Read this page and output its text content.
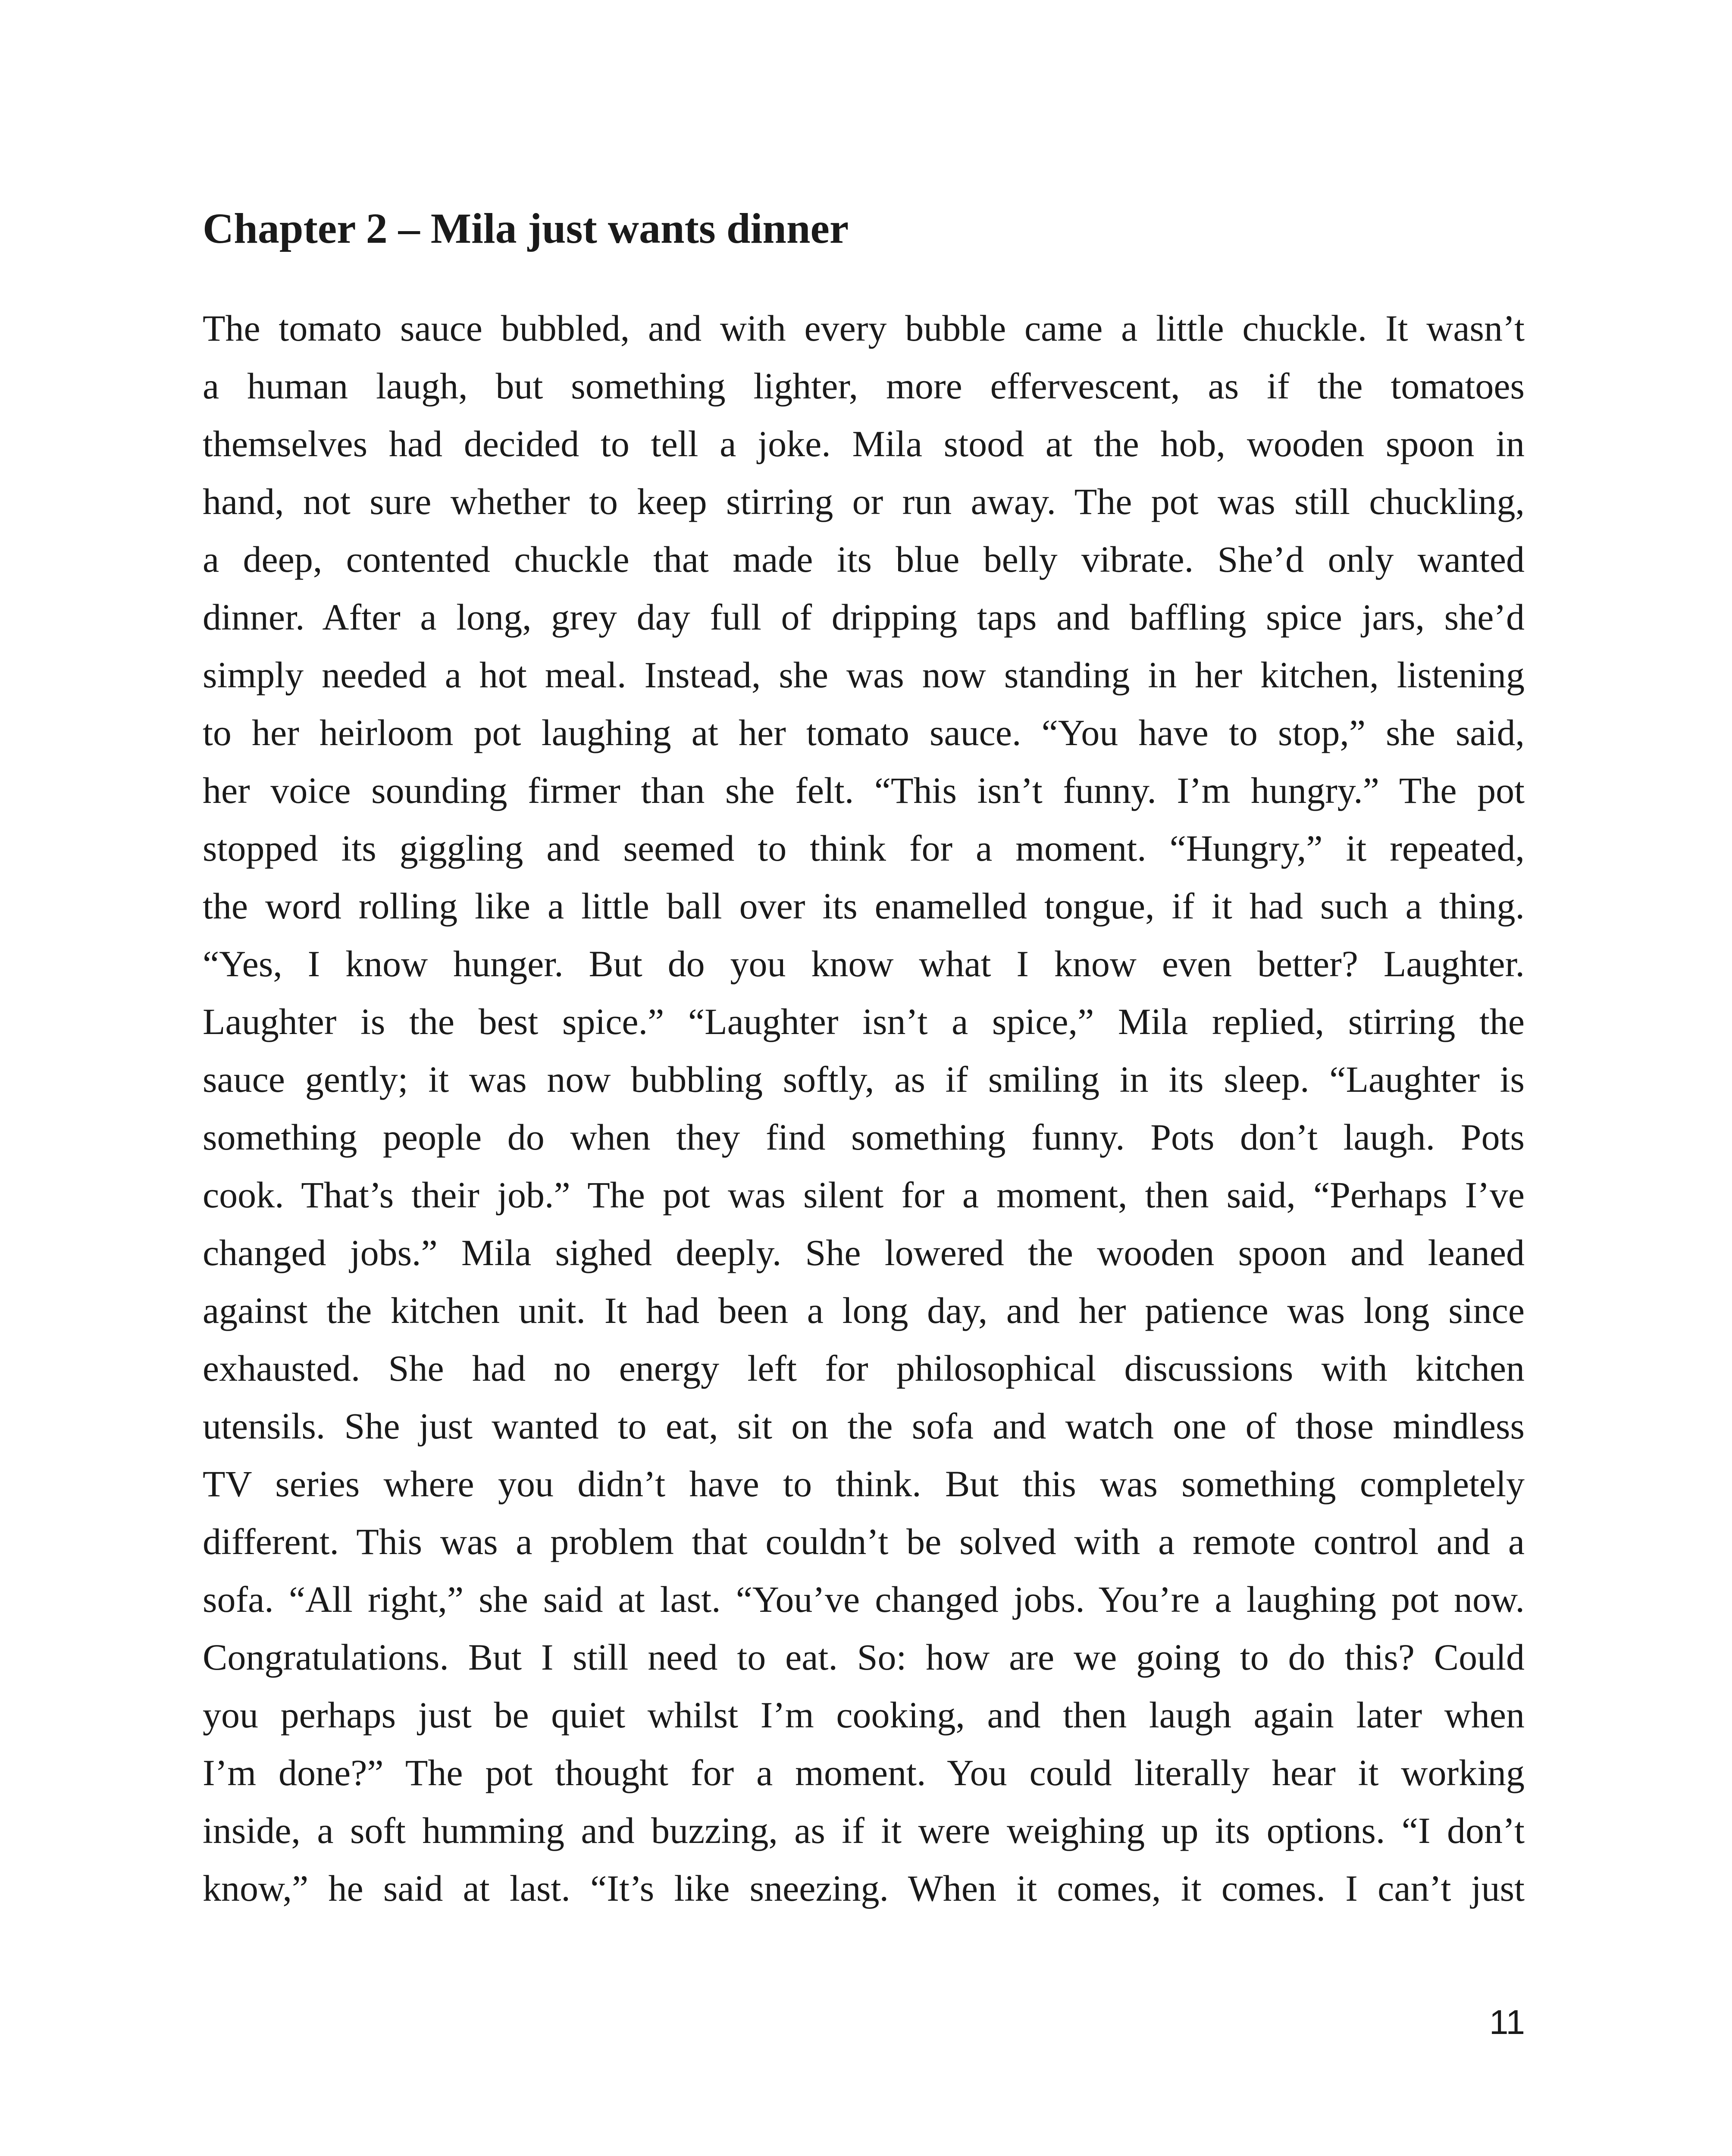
Chapter 2 – Mila just wants dinner
The tomato sauce bubbled, and with every bubble came a little chuckle. It wasn’t
a human laugh, but something lighter, more effervescent, as if the tomatoes
themselves had decided to tell a joke. Mila stood at the hob, wooden spoon in
hand, not sure whether to keep stirring or run away. The pot was still chuckling,
a deep, contented chuckle that made its blue belly vibrate. She’d only wanted
dinner. After a long, grey day full of dripping taps and baffling spice jars, she’d
simply needed a hot meal. Instead, she was now standing in her kitchen, listening
to her heirloom pot laughing at her tomato sauce. “You have to stop,” she said,
her voice sounding firmer than she felt. “This isn’t funny. I’m hungry.” The pot
stopped its giggling and seemed to think for a moment. “Hungry,” it repeated,
the word rolling like a little ball over its enamelled tongue, if it had such a thing.
“Yes, I know hunger. But do you know what I know even better? Laughter.
Laughter is the best spice.” “Laughter isn’t a spice,” Mila replied, stirring the
sauce gently; it was now bubbling softly, as if smiling in its sleep. “Laughter is
something people do when they find something funny. Pots don’t laugh. Pots
cook. That’s their job.” The pot was silent for a moment, then said, “Perhaps I’ve
changed jobs.” Mila sighed deeply. She lowered the wooden spoon and leaned
against the kitchen unit. It had been a long day, and her patience was long since
exhausted. She had no energy left for philosophical discussions with kitchen
utensils. She just wanted to eat, sit on the sofa and watch one of those mindless
TV series where you didn’t have to think. But this was something completely
different. This was a problem that couldn’t be solved with a remote control and a
sofa. “All right,” she said at last. “You’ve changed jobs. You’re a laughing pot now.
Congratulations. But I still need to eat. So: how are we going to do this? Could
you perhaps just be quiet whilst I’m cooking, and then laugh again later when
I’m done?” The pot thought for a moment. You could literally hear it working
inside, a soft humming and buzzing, as if it were weighing up its options. “I don’t
know,” he said at last. “It’s like sneezing. When it comes, it comes. I can’t just
11
